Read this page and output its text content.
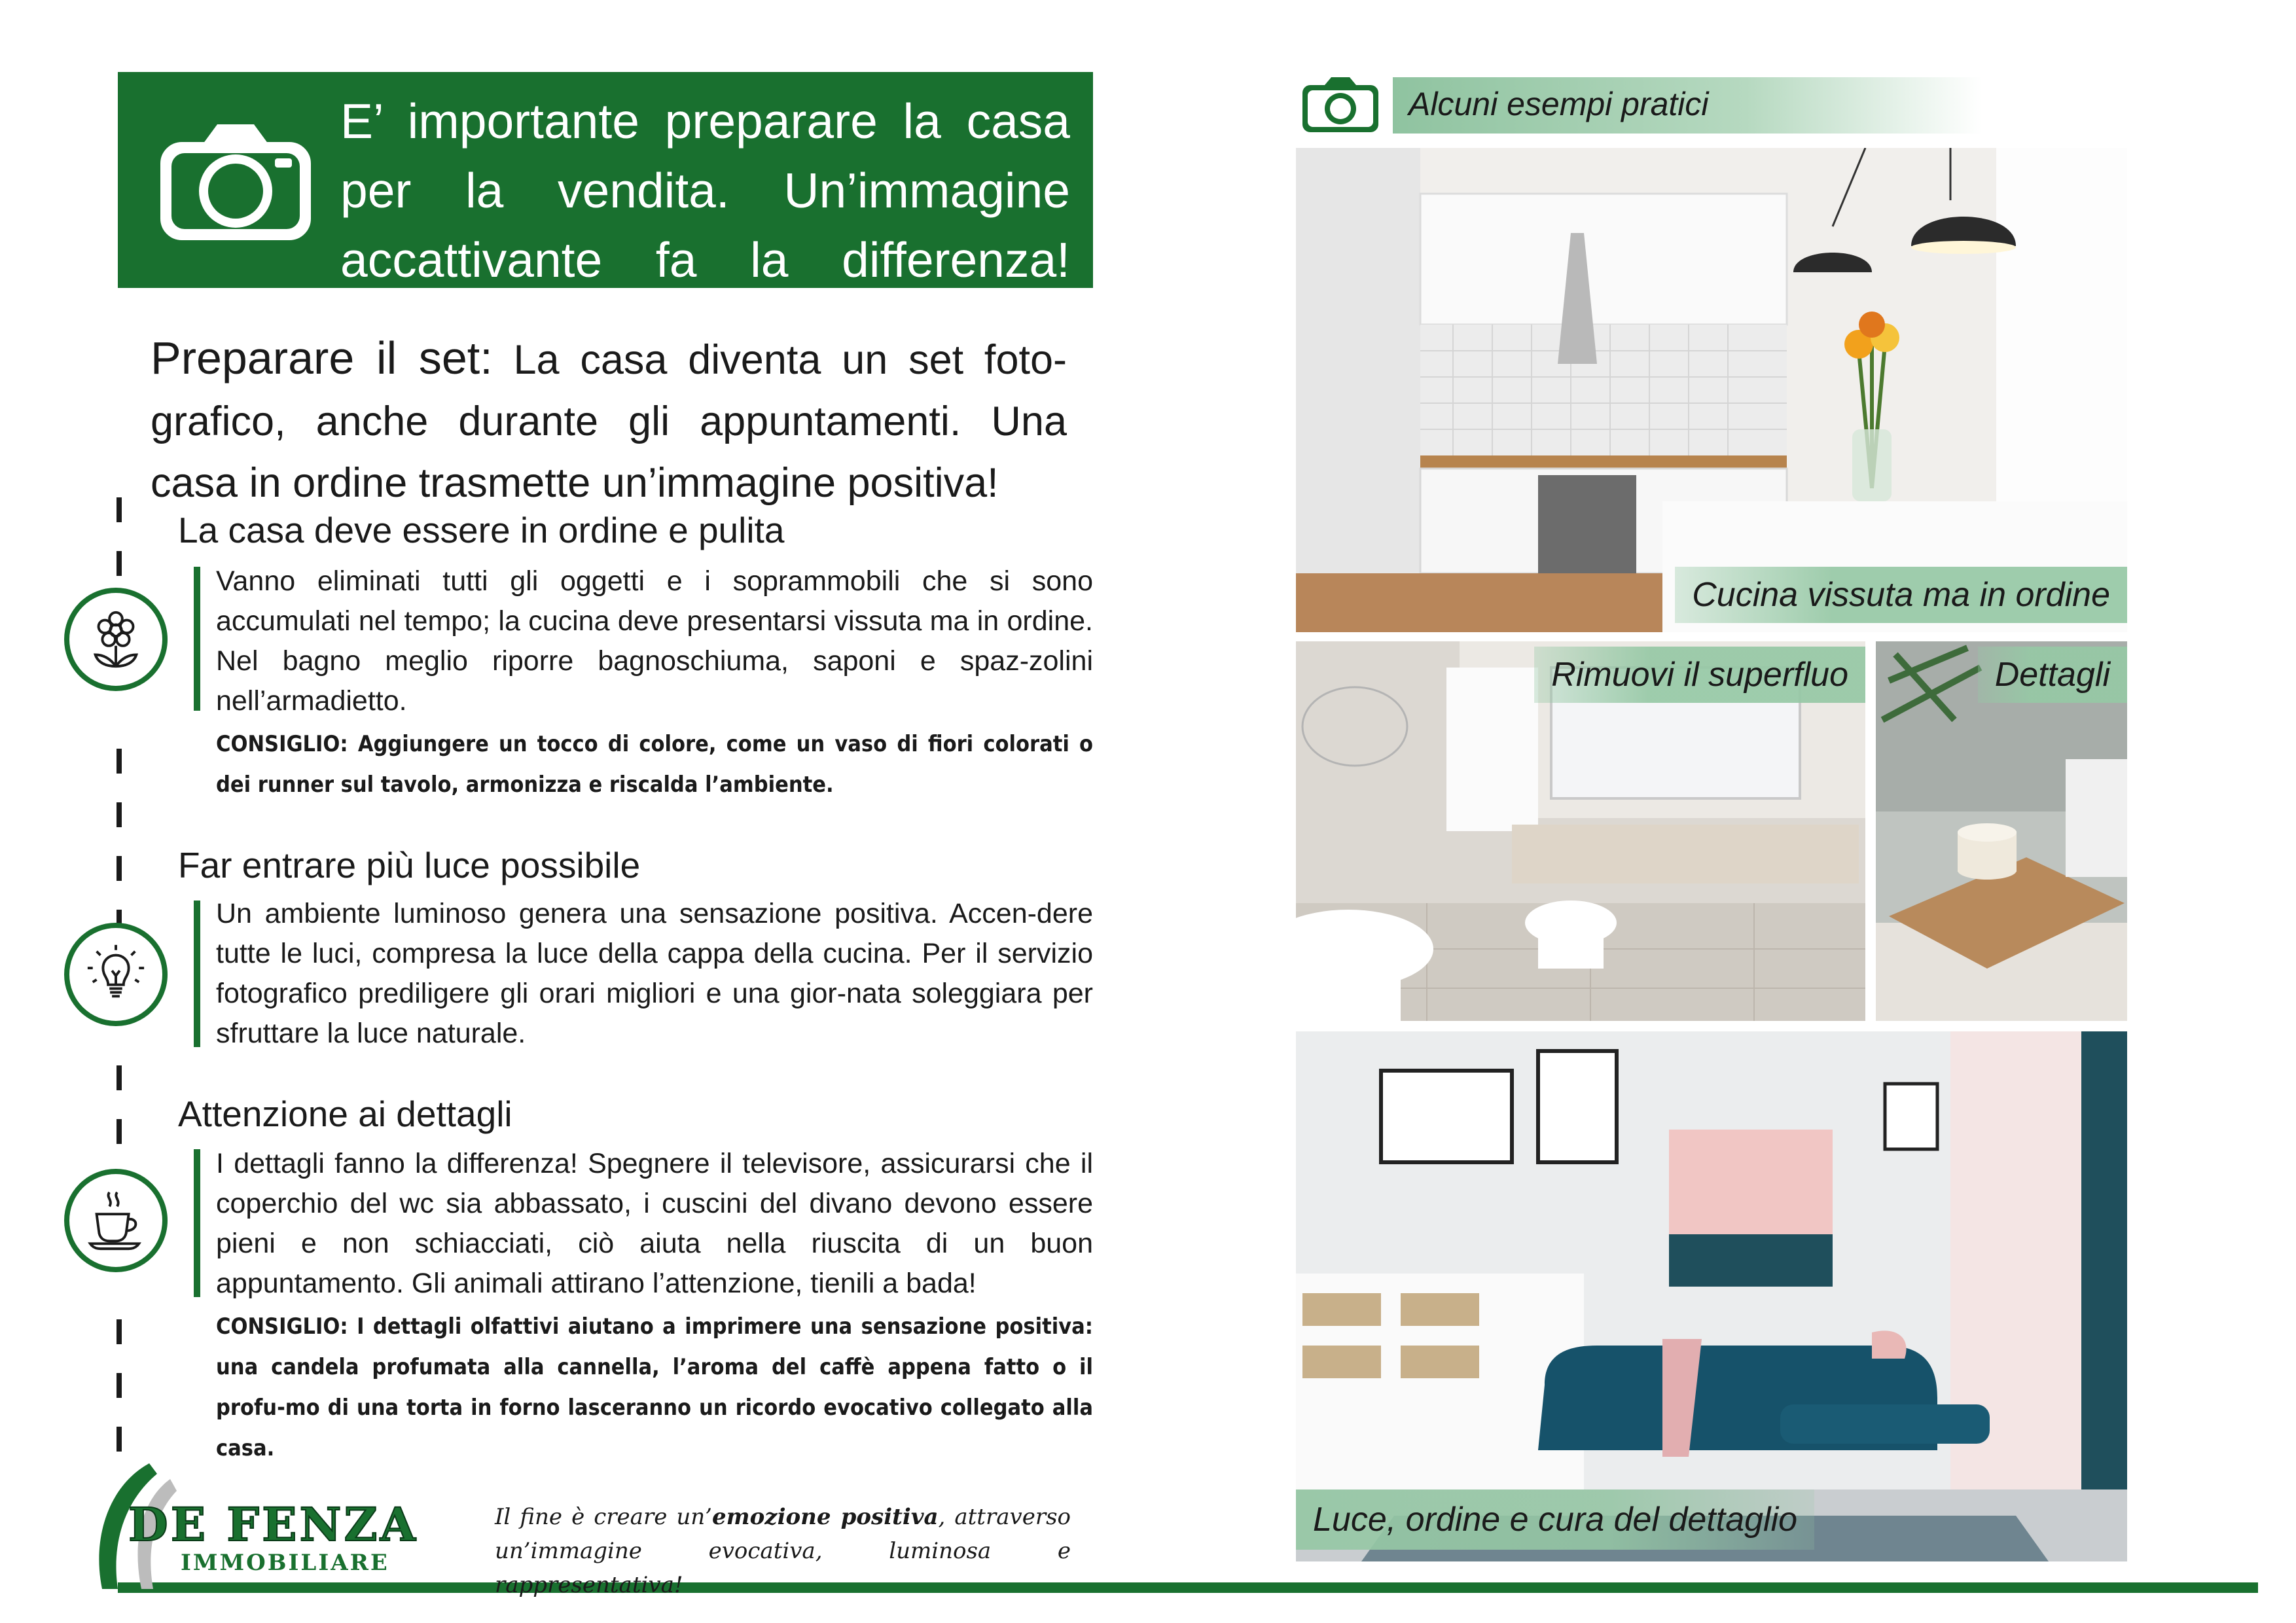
E’ importante preparare la casa per la vendita. Un’immagine accattivante fa la differenza!
Preparare il set: La casa diventa un set foto-grafico, anche durante gli appuntamenti. Una casa in ordine trasmette un’immagine positiva!
La casa deve essere in ordine e pulita
Vanno eliminati tutti gli oggetti e i soprammobili che si sono accumulati nel tempo; la cucina deve presentarsi vissuta ma in ordine. Nel bagno meglio riporre bagnoschiuma, saponi e spaz-zolini nell’armadietto.
CONSIGLIO: Aggiungere un tocco di colore, come un vaso di fiori colorati o dei runner sul tavolo, armonizza e riscalda l’ambiente.
Far entrare più luce possibile
Un ambiente luminoso genera una sensazione positiva. Accen-dere tutte le luci, compresa la luce della cappa della cucina. Per il servizio fotografico prediligere gli orari migliori e una gior-nata soleggiara per sfruttare la luce naturale.
Attenzione ai dettagli
I dettagli fanno la differenza! Spegnere il televisore, assicurarsi che il coperchio del wc sia abbassato, i cuscini del divano devono essere pieni e non schiacciati, ciò aiuta nella riuscita di un buon appuntamento. Gli animali attirano l’attenzione, tienili a bada!
CONSIGLIO: I dettagli olfattivi aiutano a imprimere una sensazione positiva: una candela profumata alla cannella, l’aroma del caffè appena fatto o il profu-mo di una torta in forno lasceranno un ricordo evocativo collegato alla casa.
DE FENZA
IMMOBILIARE
Il fine è creare un’emozione positiva, attraverso un’immagine evocativa, luminosa e rappresentativa!
Alcuni esempi pratici
Cucina vissuta ma in ordine
Rimuovi il superfluo	Dettagli
Luce, ordine e cura del dettaglio
